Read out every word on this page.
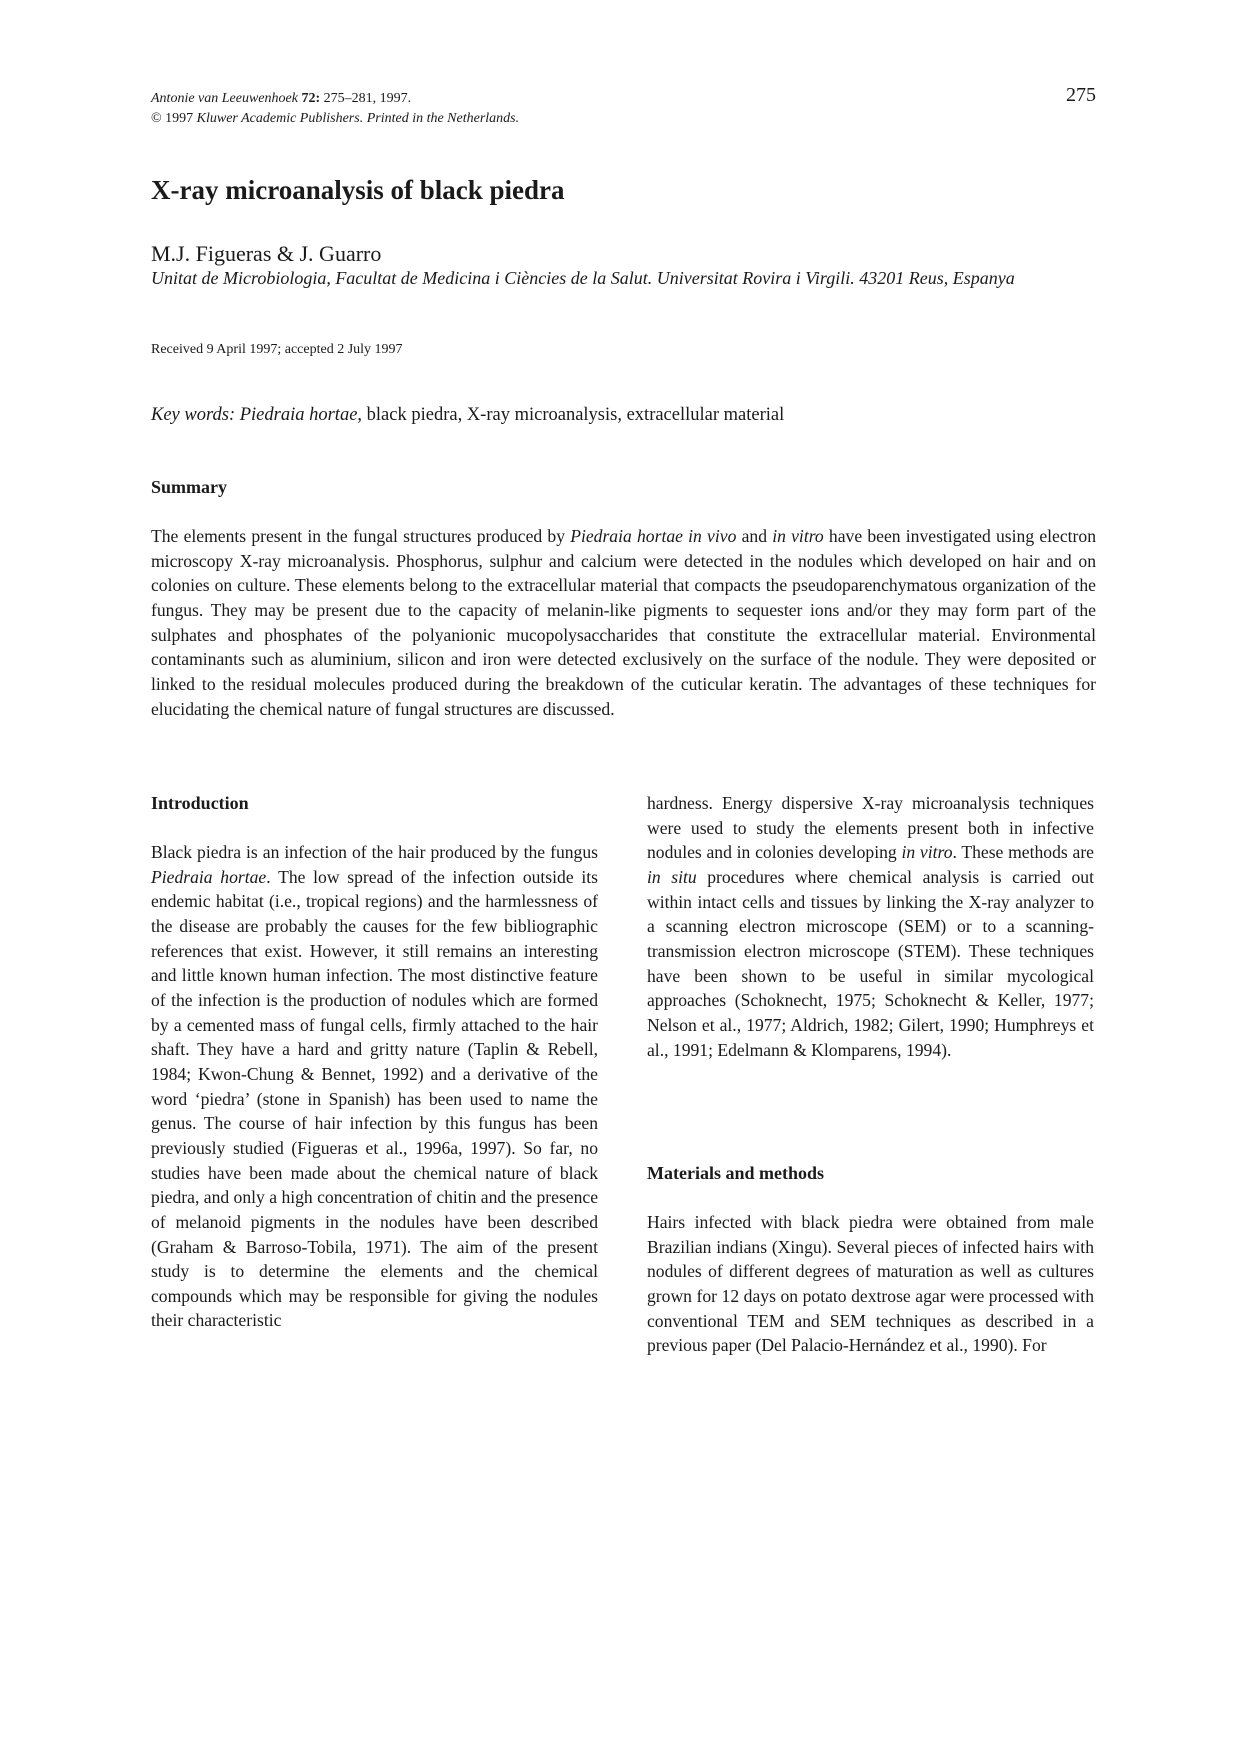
Antonie van Leeuwenhoek 72: 275–281, 1997.
© 1997 Kluwer Academic Publishers. Printed in the Netherlands.
275
X-ray microanalysis of black piedra
M.J. Figueras & J. Guarro
Unitat de Microbiologia, Facultat de Medicina i Ciències de la Salut. Universitat Rovira i Virgili. 43201 Reus, Espanya
Received 9 April 1997; accepted 2 July 1997
Key words: Piedraia hortae, black piedra, X-ray microanalysis, extracellular material
Summary

The elements present in the fungal structures produced by Piedraia hortae in vivo and in vitro have been investigated using electron microscopy X-ray microanalysis. Phosphorus, sulphur and calcium were detected in the nodules which developed on hair and on colonies on culture. These elements belong to the extracellular material that compacts the pseudoparenchymatous organization of the fungus. They may be present due to the capacity of melanin-like pigments to sequester ions and/or they may form part of the sulphates and phosphates of the polyanionic mucopolysaccharides that constitute the extracellular material. Environmental contaminants such as aluminium, silicon and iron were detected exclusively on the surface of the nodule. They were deposited or linked to the residual molecules produced during the breakdown of the cuticular keratin. The advantages of these techniques for elucidating the chemical nature of fungal structures are discussed.

Introduction

Black piedra is an infection of the hair produced by the fungus Piedraia hortae. The low spread of the infection outside its endemic habitat (i.e., tropical regions) and the harmlessness of the disease are probably the causes for the few bibliographic references that exist. However, it still remains an interesting and little known human infection. The most distinctive feature of the infection is the production of nodules which are formed by a cemented mass of fungal cells, firmly attached to the hair shaft. They have a hard and gritty nature (Taplin & Rebell, 1984; Kwon-Chung & Bennet, 1992) and a derivative of the word ‘piedra’ (stone in Spanish) has been used to name the genus. The course of hair infection by this fungus has been previously studied (Figueras et al., 1996a, 1997). So far, no studies have been made about the chemical nature of black piedra, and only a high concentration of chitin and the presence of melanoid pigments in the nodules have been described (Graham & Barroso-Tobila, 1971). The aim of the present study is to determine the elements and the chemical compounds which may be responsible for giving the nodules their characteristic

hardness. Energy dispersive X-ray microanalysis techniques were used to study the elements present both in infective nodules and in colonies developing in vitro. These methods are in situ procedures where chemical analysis is carried out within intact cells and tissues by linking the X-ray analyzer to a scanning electron microscope (SEM) or to a scanning-transmission electron microscope (STEM). These techniques have been shown to be useful in similar mycological approaches (Schoknecht, 1975; Schoknecht & Keller, 1977; Nelson et al., 1977; Aldrich, 1982; Gilert, 1990; Humphreys et al., 1991; Edelmann & Klomparens, 1994).

Materials and methods

Hairs infected with black piedra were obtained from male Brazilian indians (Xingu). Several pieces of infected hairs with nodules of different degrees of maturation as well as cultures grown for 12 days on potato dextrose agar were processed with conventional TEM and SEM techniques as described in a previous paper (Del Palacio-Hernández et al., 1990). For
